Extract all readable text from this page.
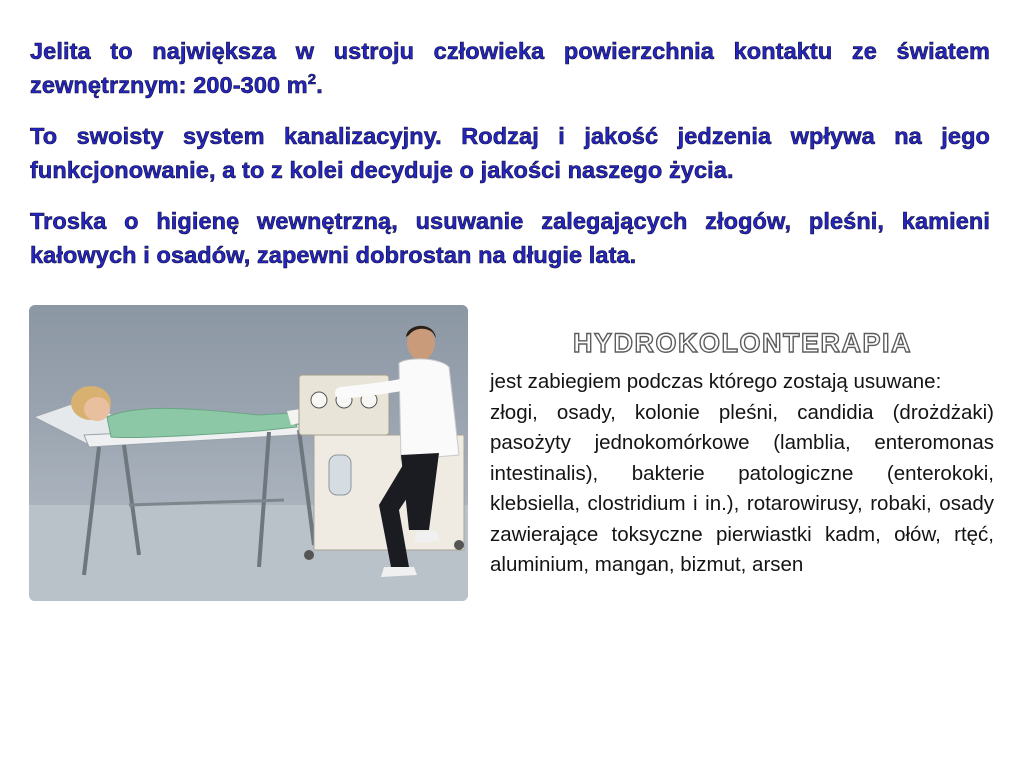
Jelita to największa w ustroju człowieka powierzchnia kontaktu ze światem zewnętrznym: 200-300 $m^2$.

To swoisty system kanalizacyjny. Rodzaj i jakość jedzenia wpływa na jego funkcjonowanie, a to z kolei decyduje o jakości naszego życia.

Troska o higienę wewnętrzną, usuwanie zalegających złogów, pleśni, kamieni kałowych i osadów, zapewni dobrostan na długie lata.

HYDROKOLONTERAPIA

jest zabiegiem podczas którego zostają usuwane:

złogi, osady, kolonie pleśni, candidia (drożdżaki) pasożyty jednokomórkowe (lamblia, enteromonas intestinalis), bakterie patologiczne (enterokoki, klebsiella, clostridium i in.), rotarowirusy, robaki, osady zawierające toksyczne pierwiastki kadm, ołów, rtęć, aluminium, mangan, bizmut, arsen
